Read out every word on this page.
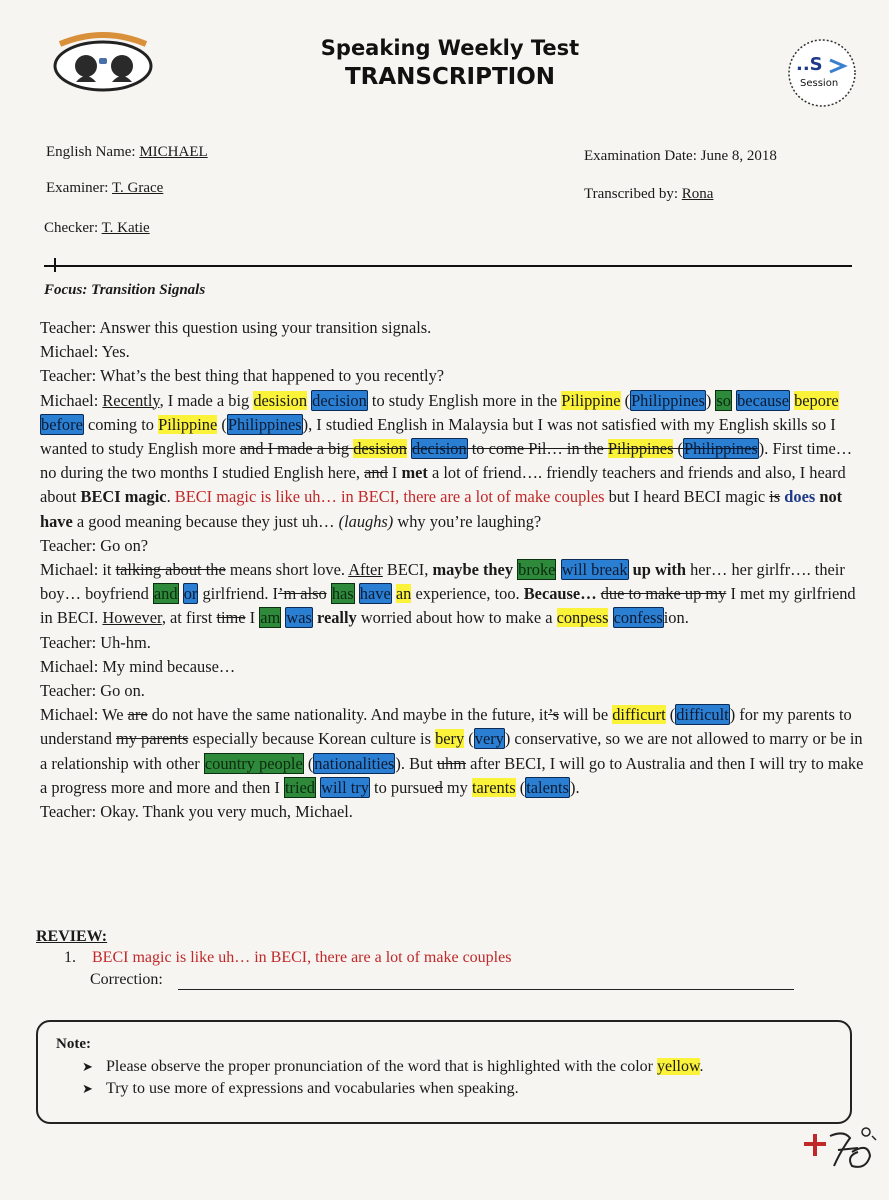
Speaking Weekly Test
TRANSCRIPTION	..S
Session
English Name: MICHAEL
Examiner: T. Grace
Checker: T. Katie
Examination Date: June 8, 2018
Transcribed by: Rona
Focus: Transition Signals

Teacher: Answer this question using your transition signals.

Michael: Yes.

Teacher: What’s the best thing that happened to you recently?

Michael: Recently, I made a big desision decision to study English more in the Pilippine (Philippines) so because bepore before coming to Pilippine (Philippines), I studied English in Malaysia but I was not satisfied with my English skills so I wanted to study English more and I made a big desision decision to come Pil… in the Pilippines (Philippines). First time… no during the two months I studied English here, and I met a lot of friend…. friendly teachers and friends and also, I heard about BECI magic. BECI magic is like uh… in BECI, there are a lot of make couples but I heard BECI magic is does not have a good meaning because they just uh… (laughs) why you’re laughing?

Teacher: Go on?

Michael: it talking about the means short love. After BECI, maybe they broke will break up with her… her girlfr…. their boy… boyfriend and or girlfriend. I’m also has have an experience, too. Because… due to make up my I met my girlfriend in BECI. However, at first time I am was really worried about how to make a conpess confession.

Teacher: Uh-hm.

Michael: My mind because…

Teacher: Go on.

Michael: We are do not have the same nationality. And maybe in the future, it’s will be difficurt (difficult) for my parents to understand my parents especially because Korean culture is bery (very) conservative, so we are not allowed to marry or be in a relationship with other country people (nationalities). But uhm after BECI, I will go to Australia and then I will try to make a progress more and more and then I tried will try to pursued my tarents (talents).

Teacher: Okay. Thank you very much, Michael.

REVIEW:
1. BECI magic is like uh… in BECI, there are a lot of make couples
Correction:
Note:
➤ Please observe the proper pronunciation of the word that is highlighted with the color yellow.
➤ Try to use more of expressions and vocabularies when speaking.
